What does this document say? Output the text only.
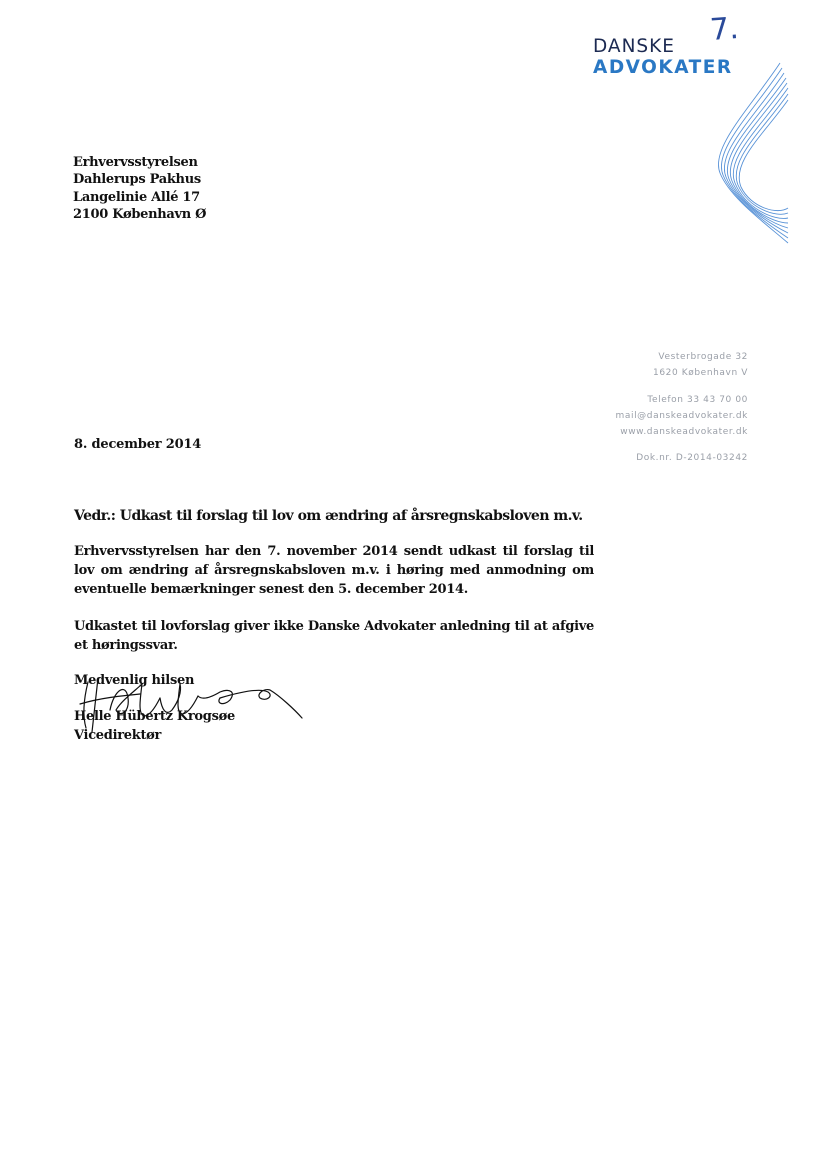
7.
DANSKE
ADVOKATER
Erhvervsstyrelsen
Dahlerups Pakhus
Langelinie Allé 17
2100 København Ø
Vesterbrogade 32
1620 København V
Telefon 33 43 70 00
mail@danskeadvokater.dk
www.danskeadvokater.dk
Dok.nr. D-2014-03242
8. december 2014
Vedr.: Udkast til forslag til lov om ændring af årsregnskabsloven m.v.
Erhvervsstyrelsen har den 7. november 2014 sendt udkast til forslag til lov om ændring af årsregnskabsloven m.v. i høring med anmodning om eventuelle bemærkninger senest den 5. december 2014.
Udkastet til lovforslag giver ikke Danske Advokater anledning til at afgive et høringssvar.
Medvenlig hilsen
Helle Hübertz Krogsøe
Vicedirektør
